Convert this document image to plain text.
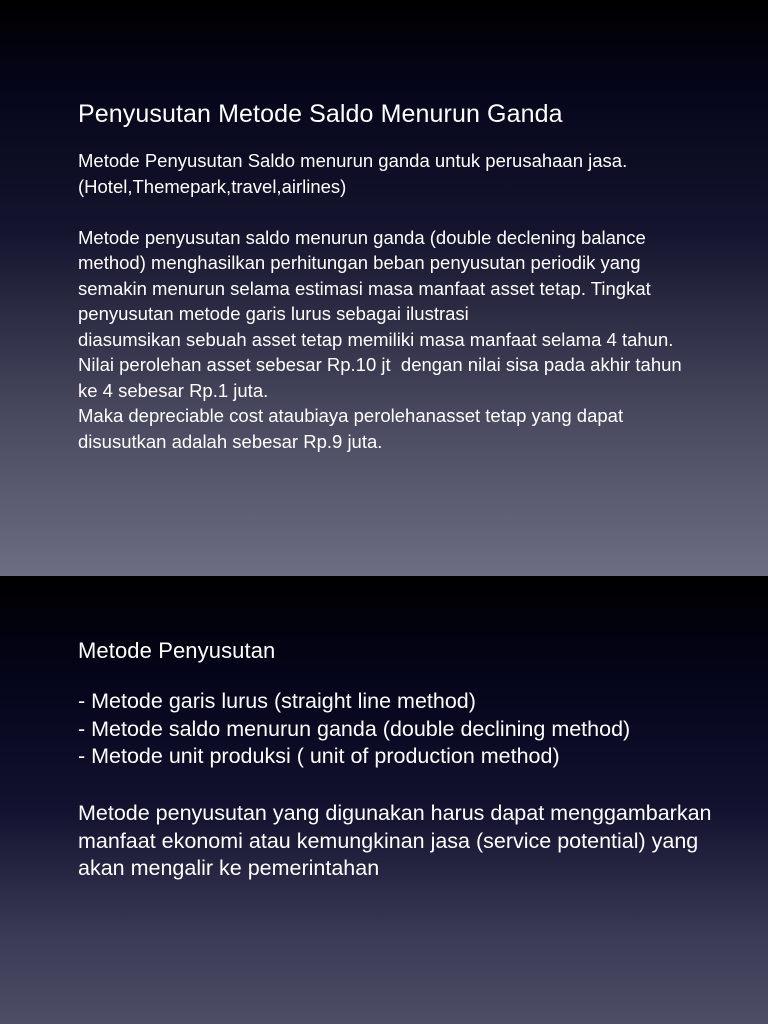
Penyusutan Metode Saldo Menurun Ganda

Metode Penyusutan Saldo menurun ganda untuk perusahaan jasa. (Hotel,Themepark,travel,airlines)

Metode penyusutan saldo menurun ganda (double declening balance method) menghasilkan perhitungan beban penyusutan periodik yang semakin menurun selama estimasi masa manfaat asset tetap. Tingkat penyusutan metode garis lurus sebagai ilustrasi

diasumsikan sebuah asset tetap memiliki masa manfaat selama 4 tahun. Nilai perolehan asset sebesar Rp.10 jt  dengan nilai sisa pada akhir tahun ke 4 sebesar Rp.1 juta.

Maka depreciable cost ataubiaya perolehanasset tetap yang dapat disusutkan adalah sebesar Rp.9 juta.

Metode Penyusutan
- Metode garis lurus (straight line method)
- Metode saldo menurun ganda (double declining method)
- Metode unit produksi ( unit of production method)

Metode penyusutan yang digunakan harus dapat menggambarkan manfaat ekonomi atau kemungkinan jasa (service potential) yang akan mengalir ke pemerintahan
